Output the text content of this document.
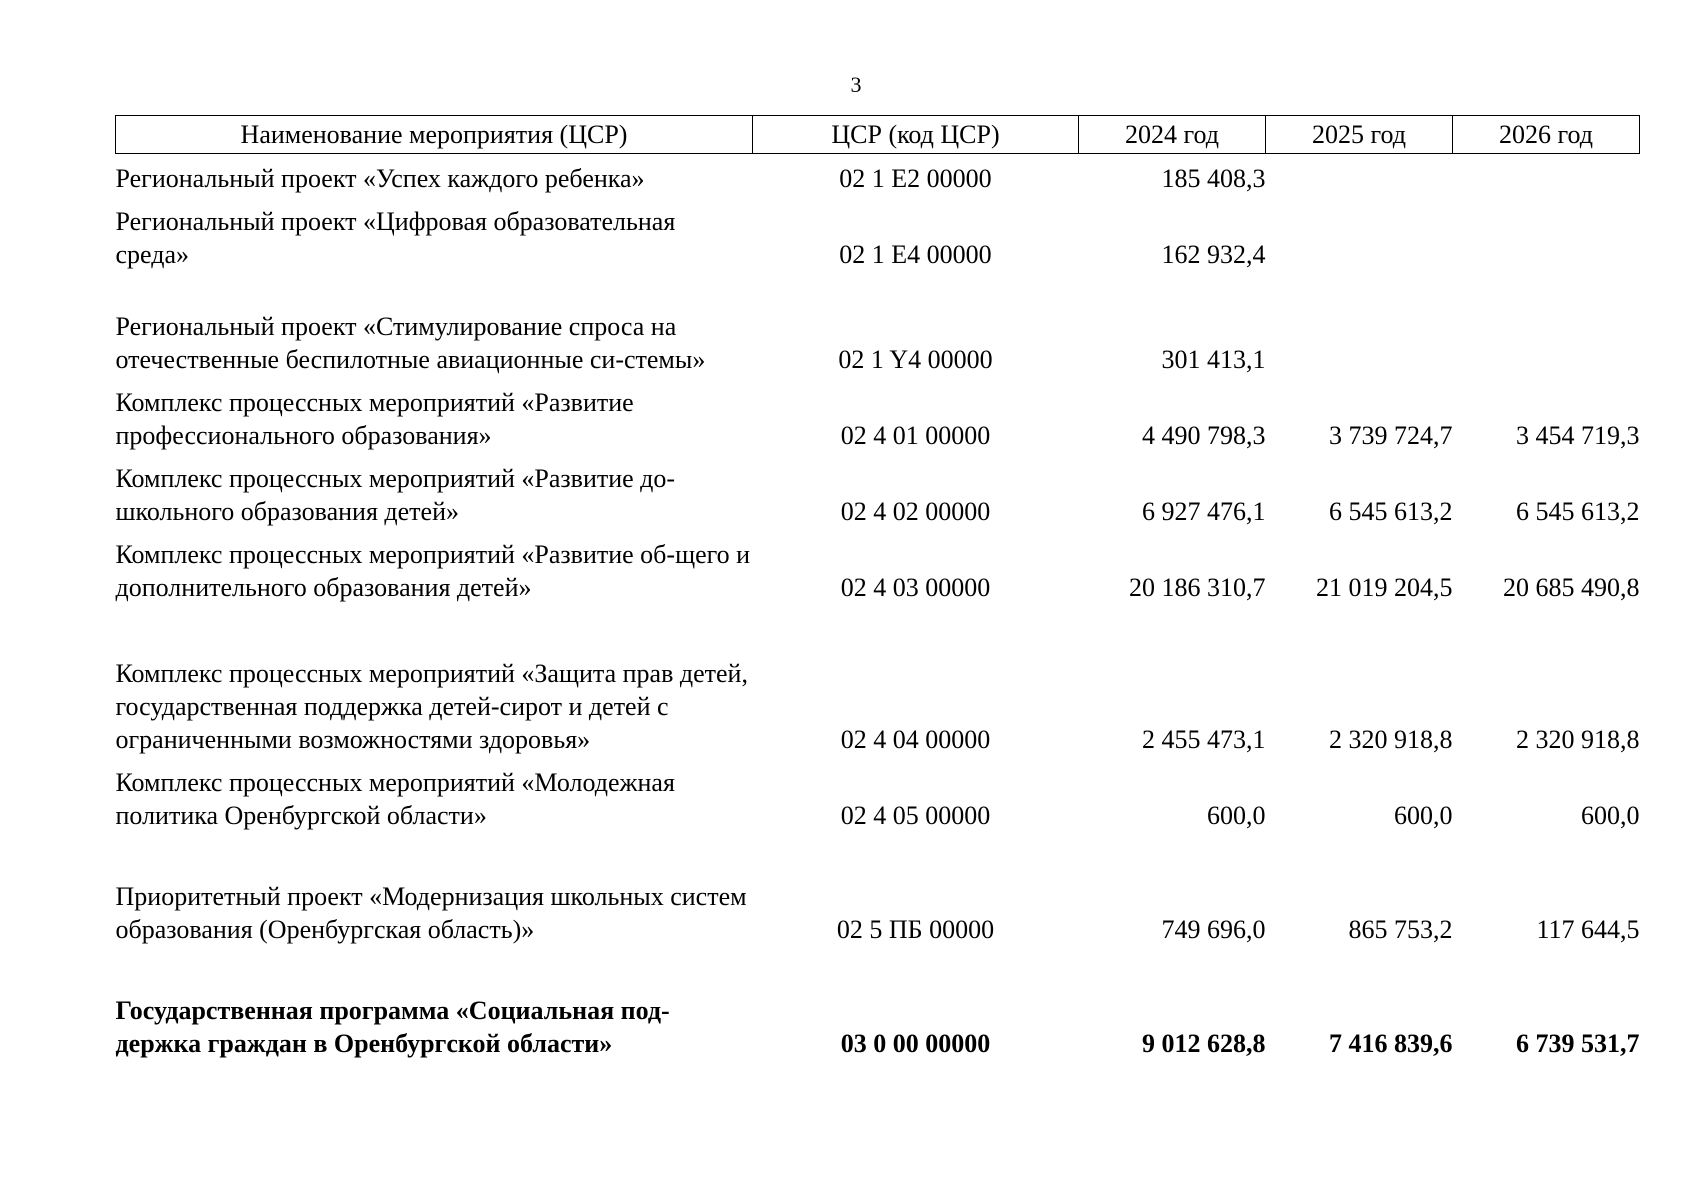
3
Наименование мероприятия (ЦСР)	ЦСР (код ЦСР)	2024 год	2025 год	2026 год
Региональный проект «Успех каждого ребенка»	02 1 Е2 00000	185 408,3		
Региональный проект «Цифровая образовательная среда»	02 1 Е4 00000	162 932,4		
Региональный проект «Стимулирование спроса на отечественные беспилотные авиационные си-стемы»	02 1 Y4 00000	301 413,1		
Комплекс процессных мероприятий «Развитие профессионального образования»	02 4 01 00000	4 490 798,3	3 739 724,7	3 454 719,3
Комплекс процессных мероприятий «Развитие до-школьного образования детей»	02 4 02 00000	6 927 476,1	6 545 613,2	6 545 613,2
Комплекс процессных мероприятий «Развитие об-щего и дополнительного образования детей»	02 4 03 00000	20 186 310,7	21 019 204,5	20 685 490,8
Комплекс процессных мероприятий «Защита прав детей, государственная поддержка детей-сирот и детей с ограниченными возможностями здоровья»	02 4 04 00000	2 455 473,1	2 320 918,8	2 320 918,8
Комплекс процессных мероприятий «Молодежная политика Оренбургской области»	02 4 05 00000	600,0	600,0	600,0
Приоритетный проект «Модернизация школьных систем образования (Оренбургская область)»	02 5 ПБ 00000	749 696,0	865 753,2	117 644,5
Государственная программа «Социальная под-держка граждан в Оренбургской области»	03 0 00 00000	9 012 628,8	7 416 839,6	6 739 531,7
